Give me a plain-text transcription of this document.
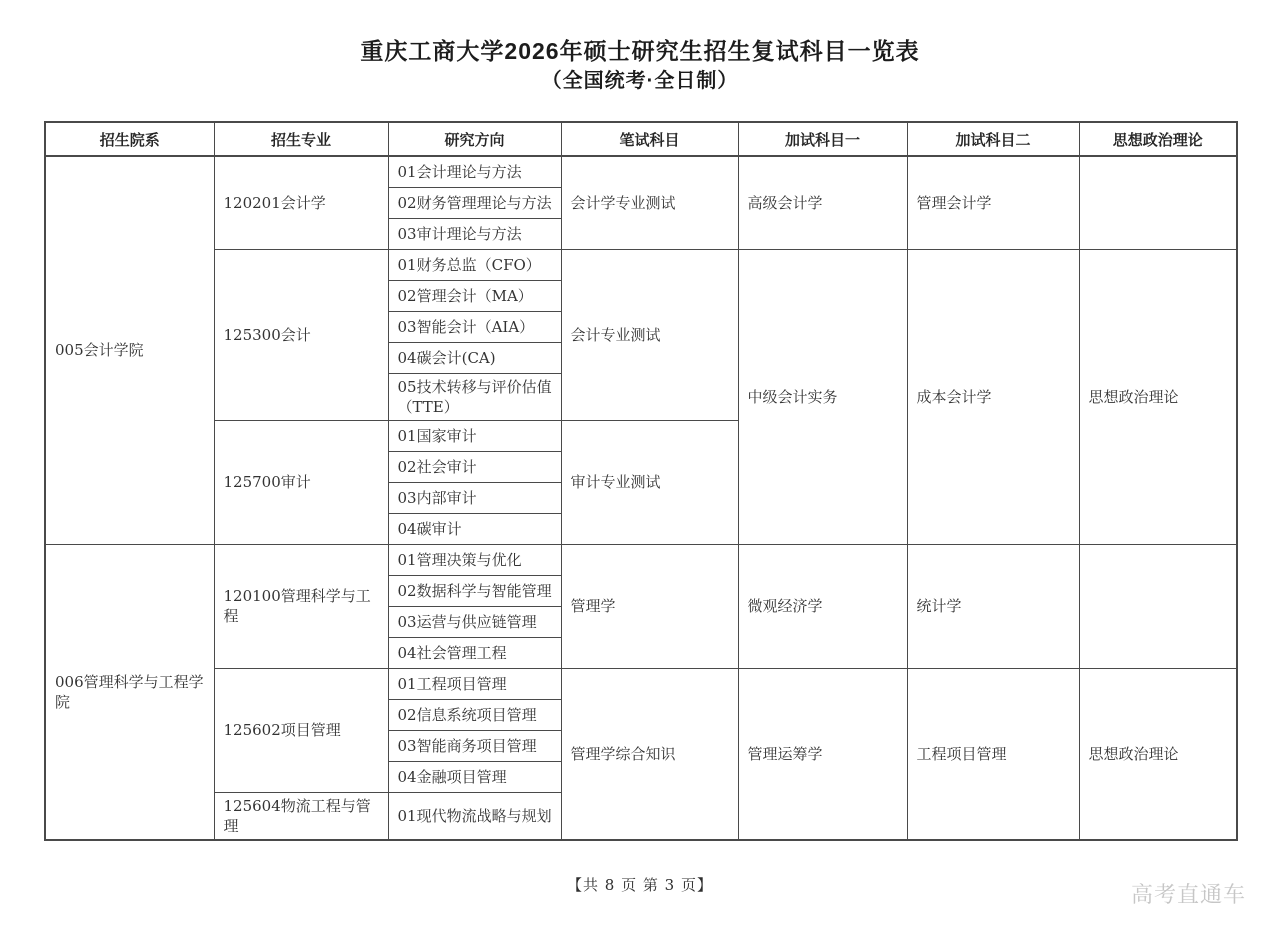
重庆工商大学2026年硕士研究生招生复试科目一览表
（全国统考·全日制）
招生院系	招生专业	研究方向	笔试科目	加试科目一	加试科目二	思想政治理论
005会计学院	120201会计学	01会计理论与方法	会计学专业测试	高级会计学	管理会计学	
		02财务管理理论与方法				
		03审计理论与方法				
	125300会计	01财务总监（CFO）	会计专业测试	中级会计实务	成本会计学	思想政治理论
		02管理会计（MA）				
		03智能会计（AIA）				
		04碳会计(CA)				
		05技术转移与评价估值（TTE）				
	125700审计	01国家审计	审计专业测试			
		02社会审计				
		03内部审计				
		04碳审计				
006管理科学与工程学院	120100管理科学与工程	01管理决策与优化	管理学	微观经济学	统计学	
		02数据科学与智能管理				
		03运营与供应链管理				
		04社会管理工程				
	125602项目管理	01工程项目管理	管理学综合知识	管理运筹学	工程项目管理	思想政治理论
		02信息系统项目管理				
		03智能商务项目管理				
		04金融项目管理				
	125604物流工程与管理	01现代物流战略与规划				
【共 8 页 第 3 页】	高考直通车
